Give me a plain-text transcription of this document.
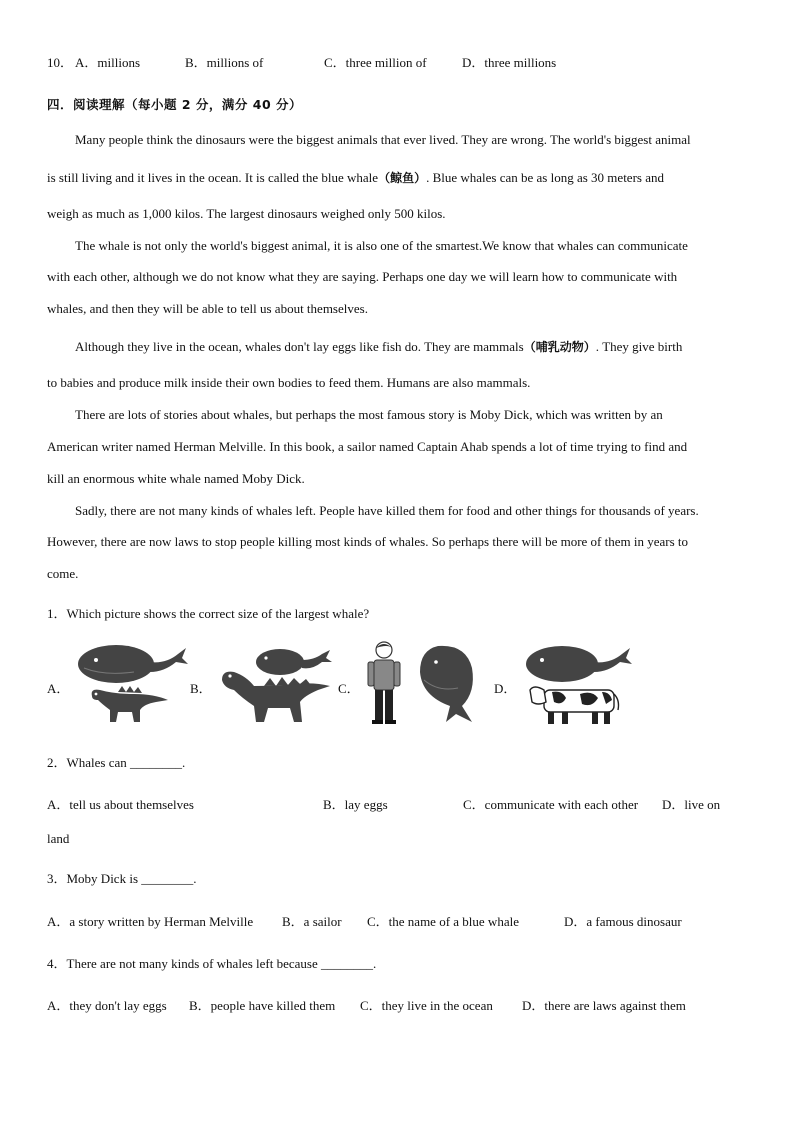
10． A．millions	B．millions of	C．three million of	D．three millions
四．阅读理解（每小题 2 分，满分 40 分）
Many people think the dinosaurs were the biggest animals that ever lived. They are wrong. The world's biggest animal
is still living and it lives in the ocean. It is called the blue whale（鲸鱼）. Blue whales can be as long as 30 meters and
weigh as much as 1,000 kilos. The largest dinosaurs weighed only 500 kilos.
The whale is not only the world's biggest animal, it is also one of the smartest.We know that whales can communicate
with each other, although we do not know what they are saying. Perhaps one day we will learn how to communicate with
whales, and then they will be able to tell us about themselves.
Although they live in the ocean, whales don't lay eggs like fish do. They are mammals（哺乳动物）. They give birth
to babies and produce milk inside their own bodies to feed them. Humans are also mammals.
There are lots of stories about whales, but perhaps the most famous story is Moby Dick, which was written by an
American writer named Herman Melville. In this book, a sailor named Captain Ahab spends a lot of time trying to find and
kill an enormous white whale named Moby Dick.
Sadly, there are not many kinds of whales left. People have killed them for food and other things for thousands of years.
However, there are now laws to stop people killing most kinds of whales. So perhaps there will be more of them in years to
come.
1．Which picture shows the correct size of the largest whale?
A．	B．	C．	D．
2．Whales can ________.
A．tell us about themselves	B．lay eggs	C．communicate with each other D．live on
land
3．Moby Dick is ________.
A．a story written by Herman Melville B．a sailor C．the name of a blue whale	D．a famous dinosaur
4．There are not many kinds of whales left because ________.
A．they don't lay eggs B．people have killed them C．they live in the ocean D．there are laws against them
